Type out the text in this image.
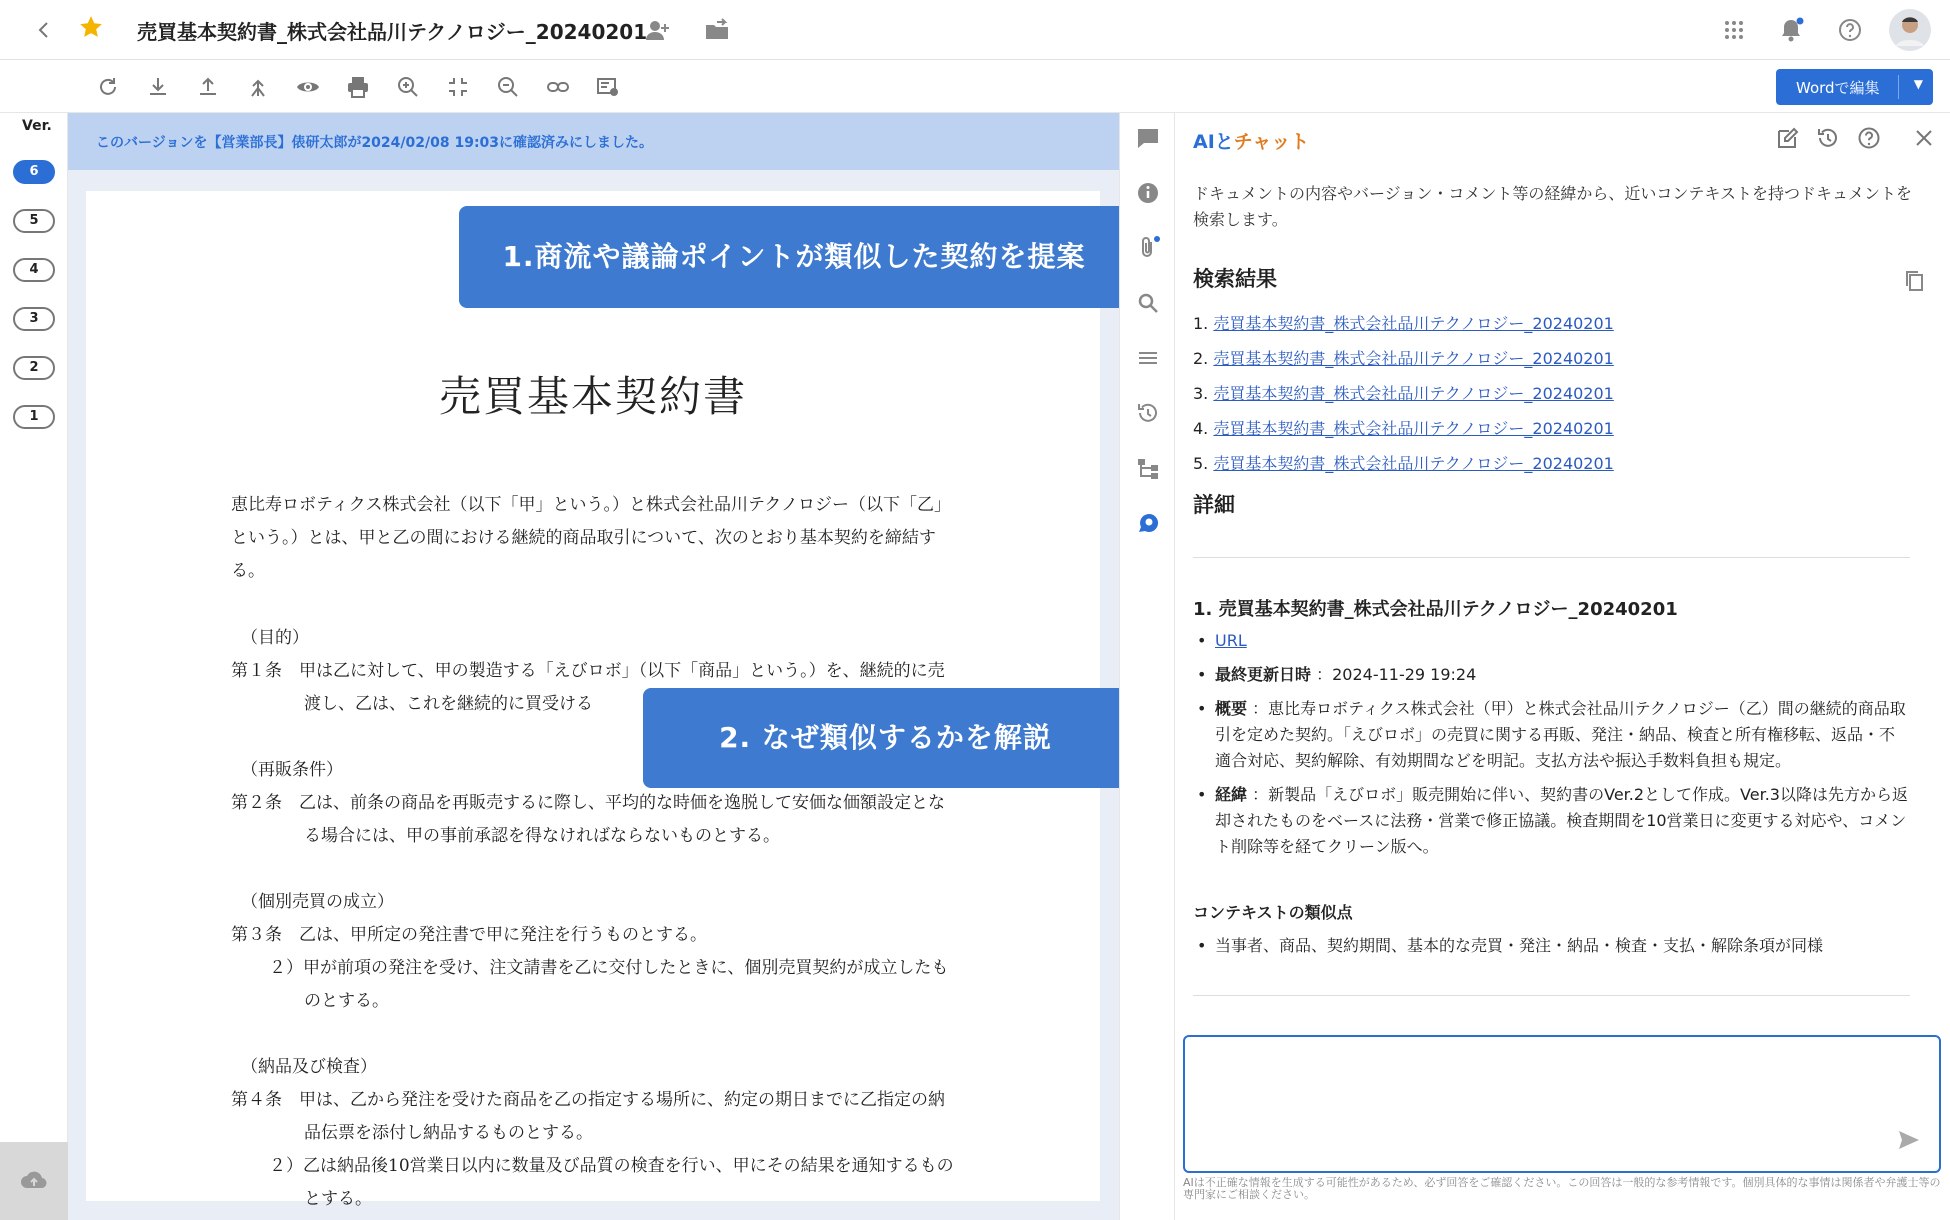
売買基本契約書_株式会社品川テクノロジー_20240201
Wordで編集	▼
Ver.
6
5
4
3
2
1
このバージョンを【営業部長】俵研太郎が2024/02/08 19:03に確認済みにしました。
売買基本契約書
恵比寿ロボティクス株式会社（以下「甲」という。）と株式会社品川テクノロジー（以下「乙」という。）とは、甲と乙の間における継続的商品取引について、次のとおり基本契約を締結する。
（目的）
第１条　甲は乙に対して、甲の製造する「えびロボ」（以下「商品」という。）を、継続的に売渡し、乙は、これを継続的に買受ける
（再販条件）
第２条　乙は、前条の商品を再販売するに際し、平均的な時価を逸脱して安価な価額設定となる場合には、甲の事前承認を得なければならないものとする。
（個別売買の成立）
第３条　乙は、甲所定の発注書で甲に発注を行うものとする。
２）甲が前項の発注を受け、注文請書を乙に交付したときに、個別売買契約が成立したものとする。
（納品及び検査）
第４条　甲は、乙から発注を受けた商品を乙の指定する場所に、約定の期日までに乙指定の納品伝票を添付し納品するものとする。
２）乙は納品後10営業日以内に数量及び品質の検査を行い、甲にその結果を通知するものとする。
1.商流や議論ポイントが類似した契約を提案
2. なぜ類似するかを解説
AIとチャット
ドキュメントの内容やバージョン・コメント等の経緯から、近いコンテキストを持つドキュメントを検索します。
検索結果
1. 売買基本契約書_株式会社品川テクノロジー_20240201
2. 売買基本契約書_株式会社品川テクノロジー_20240201
3. 売買基本契約書_株式会社品川テクノロジー_20240201
4. 売買基本契約書_株式会社品川テクノロジー_20240201
5. 売買基本契約書_株式会社品川テクノロジー_20240201
詳細
1. 売買基本契約書_株式会社品川テクノロジー_20240201
• URL
• 最終更新日時 ：2024-11-29 19:24
• 概要 ：恵比寿ロボティクス株式会社（甲）と株式会社品川テクノロジー（乙）間の継続的商品取引を定めた契約。「えびロボ」の売買に関する再販、発注・納品、検査と所有権移転、返品・不適合対応、契約解除、有効期間などを明記。支払方法や振込手数料負担も規定。
• 経緯 ：新製品「えびロボ」販売開始に伴い、契約書のVer.2として作成。Ver.3以降は先方から返却されたものをベースに法務・営業で修正協議。検査期間を10営業日に変更する対応や、コメント削除等を経てクリーン版へ。
コンテキストの類似点
• 当事者、商品、契約期間、基本的な売買・発注・納品・検査・支払・解除条項が同様
AIは不正確な情報を生成する可能性があるため、必ず回答をご確認ください。この回答は一般的な参考情報です。個別具体的な事情は関係者や弁護士等の専門家にご相談ください。
